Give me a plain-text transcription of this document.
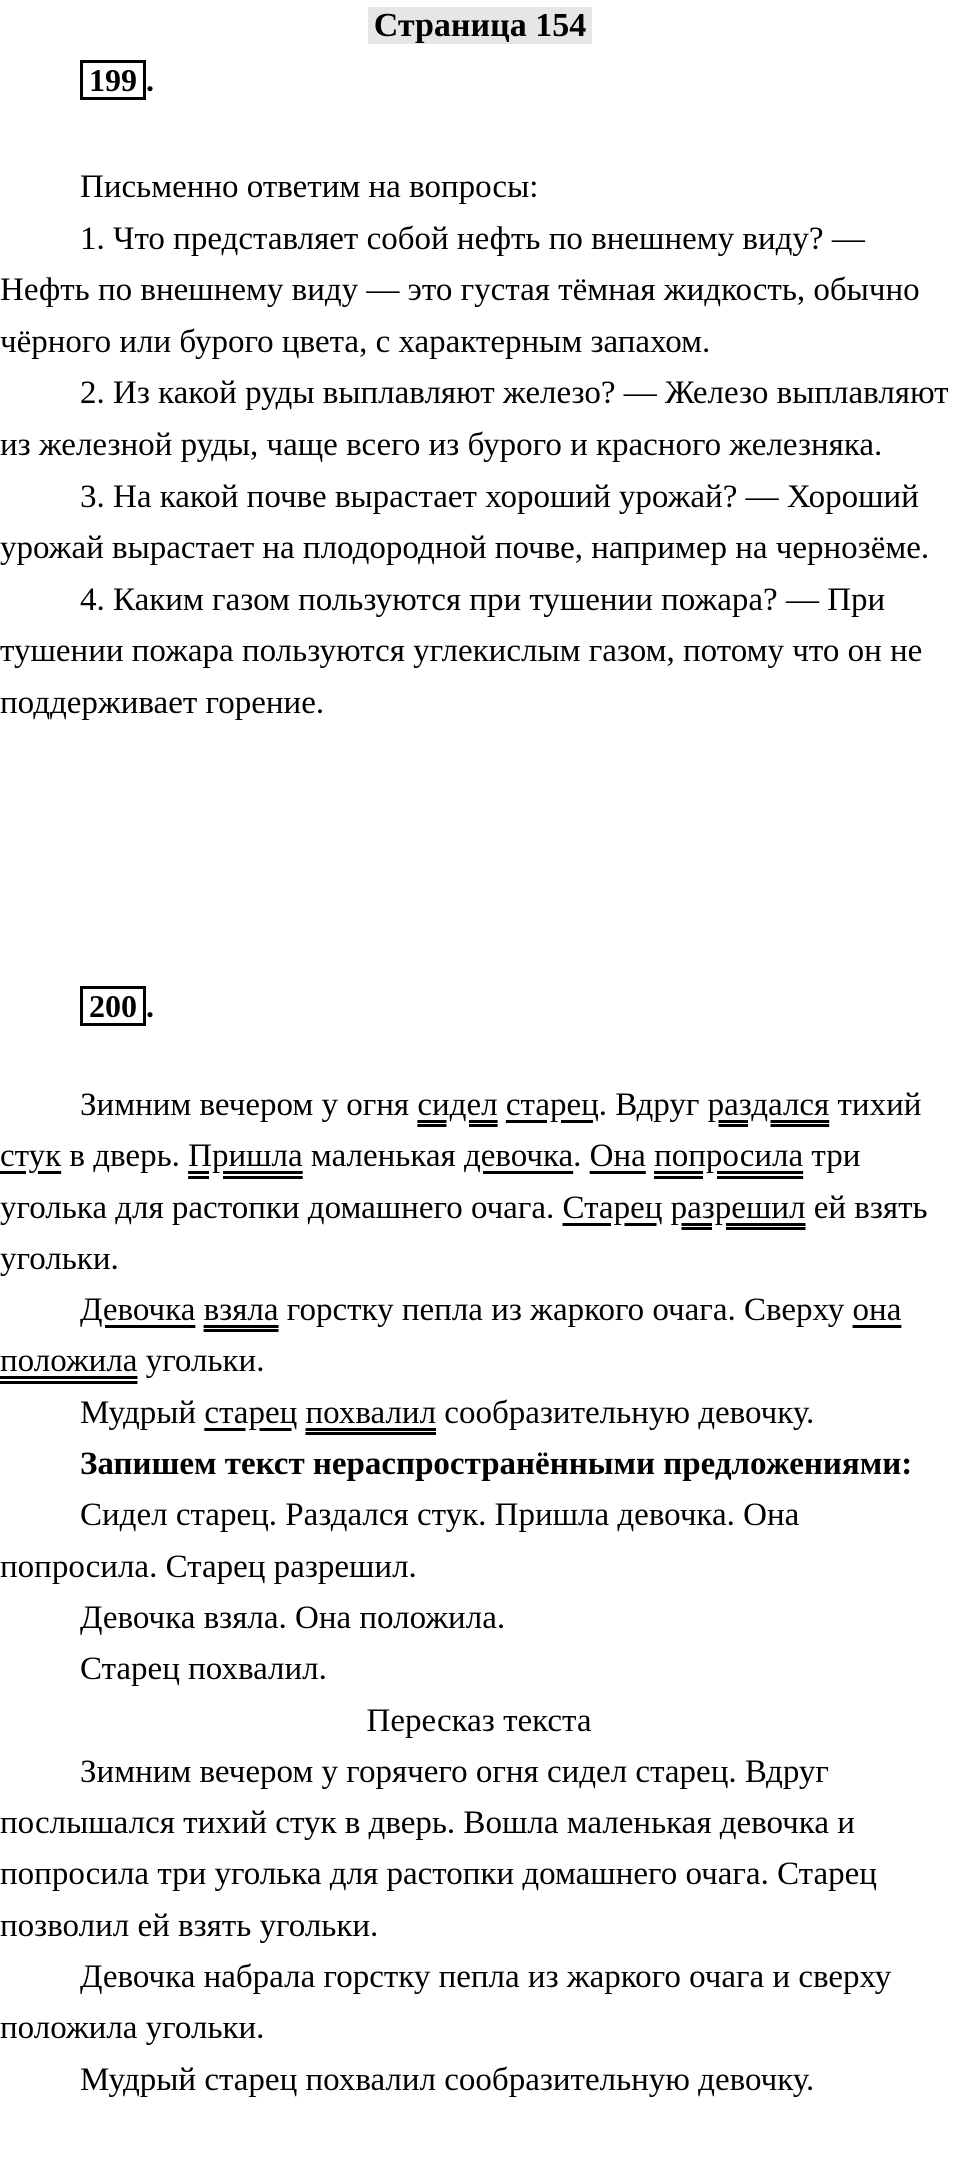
Страница 154
199 .

Письменно ответим на вопросы:

1. Что представляет собой нефть по внешнему виду? — Нефть по внешнему виду — это густая тёмная жидкость, обычно чёрного или бурого цвета, с характерным запахом.

2. Из какой руды выплавляют железо? — Железо выплавляют из железной руды, чаще всего из бурого и красного железняка.

3. На какой почве вырастает хороший урожай? — Хороший урожай вырастает на плодородной почве, например на чернозёме.

4. Каким газом пользуются при тушении пожара? — При тушении пожара пользуются углекислым газом, потому что он не поддерживает горение.

200 .

Зимним вечером у огня сидел старец. Вдруг раздался тихий стук в дверь. Пришла маленькая девочка. Она попросила три уголька для растопки домашнего очага. Старец разрешил ей взять угольки.

Девочка взяла горстку пепла из жаркого очага. Сверху она положила угольки.

Мудрый старец похвалил сообразительную девочку.

Запишем текст нераспространёнными предложениями:

Сидел старец. Раздался стук. Пришла девочка. Она попросила. Старец разрешил.

Девочка взяла. Она положила.

Старец похвалил.

Пересказ текста

Зимним вечером у горячего огня сидел старец. Вдруг послышался тихий стук в дверь. Вошла маленькая девочка и попросила три уголька для растопки домашнего очага. Старец позволил ей взять угольки.

Девочка набрала горстку пепла из жаркого очага и сверху положила угольки.

Мудрый старец похвалил сообразительную девочку.
